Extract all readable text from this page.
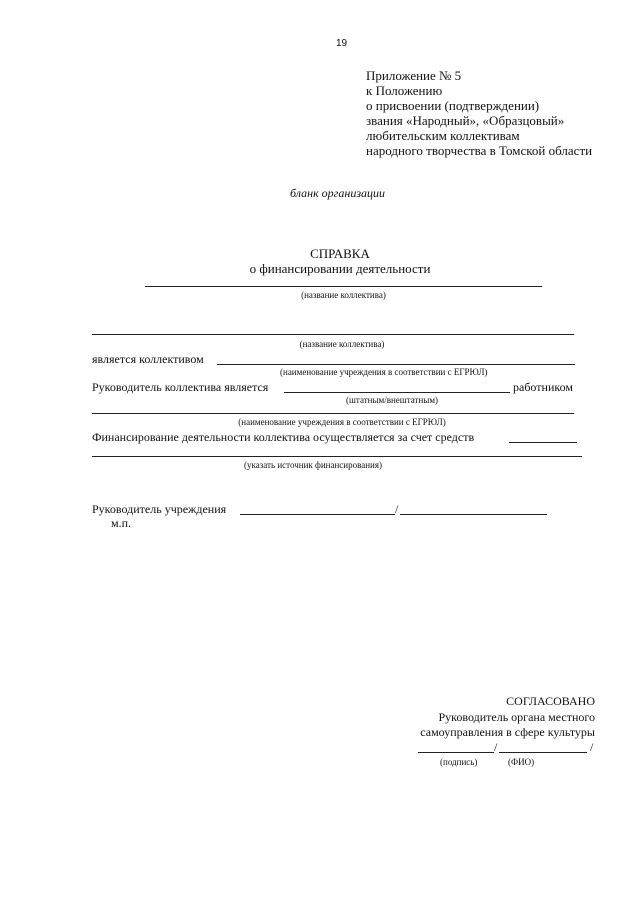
19
Приложение № 5
к Положению
о присвоении (подтверждении)
звания «Народный», «Образцовый»
любительским коллективам
народного творчества в Томской области
бланк организации
СПРАВКА
о финансировании деятельности
(название коллектива)
(название коллектива)
является коллективом
(наименование учреждения в соответствии с ЕГРЮЛ)
Руководитель коллектива является	работником
(штатным/внештатным)
(наименование учреждения в соответствии с ЕГРЮЛ)
Финансирование деятельности коллектива осуществляется за счет средств
(указать источник финансирования)
Руководитель учреждения	/
м.п.
СОГЛАСОВАНО
Руководитель органа местного
самоуправления в сфере культуры
/	/
(подпись)	(ФИО)
